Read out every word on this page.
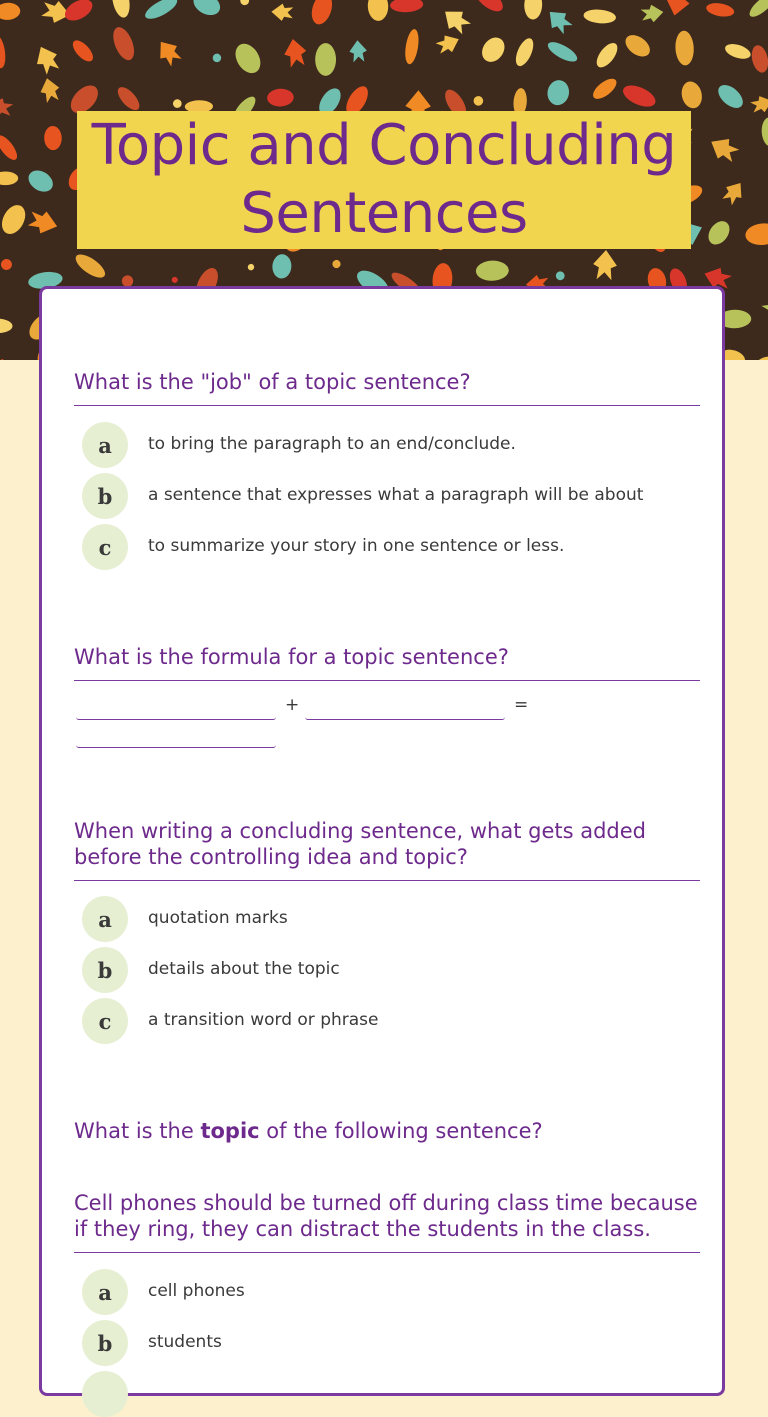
Topic and Concluding Sentences
What is the "job" of a topic sentence?
a	to bring the paragraph to an end/conclude.
b	a sentence that expresses what a paragraph will be about
c	to summarize your story in one sentence or less.
What is the formula for a topic sentence?
+	=
When writing a concluding sentence, what gets added before the controlling idea and topic?
a	quotation marks
b	details about the topic
c	a transition word or phrase
What is the topic of the following sentence?
Cell phones should be turned off during class time because if they ring, they can distract the students in the class.
a	cell phones
b	students
